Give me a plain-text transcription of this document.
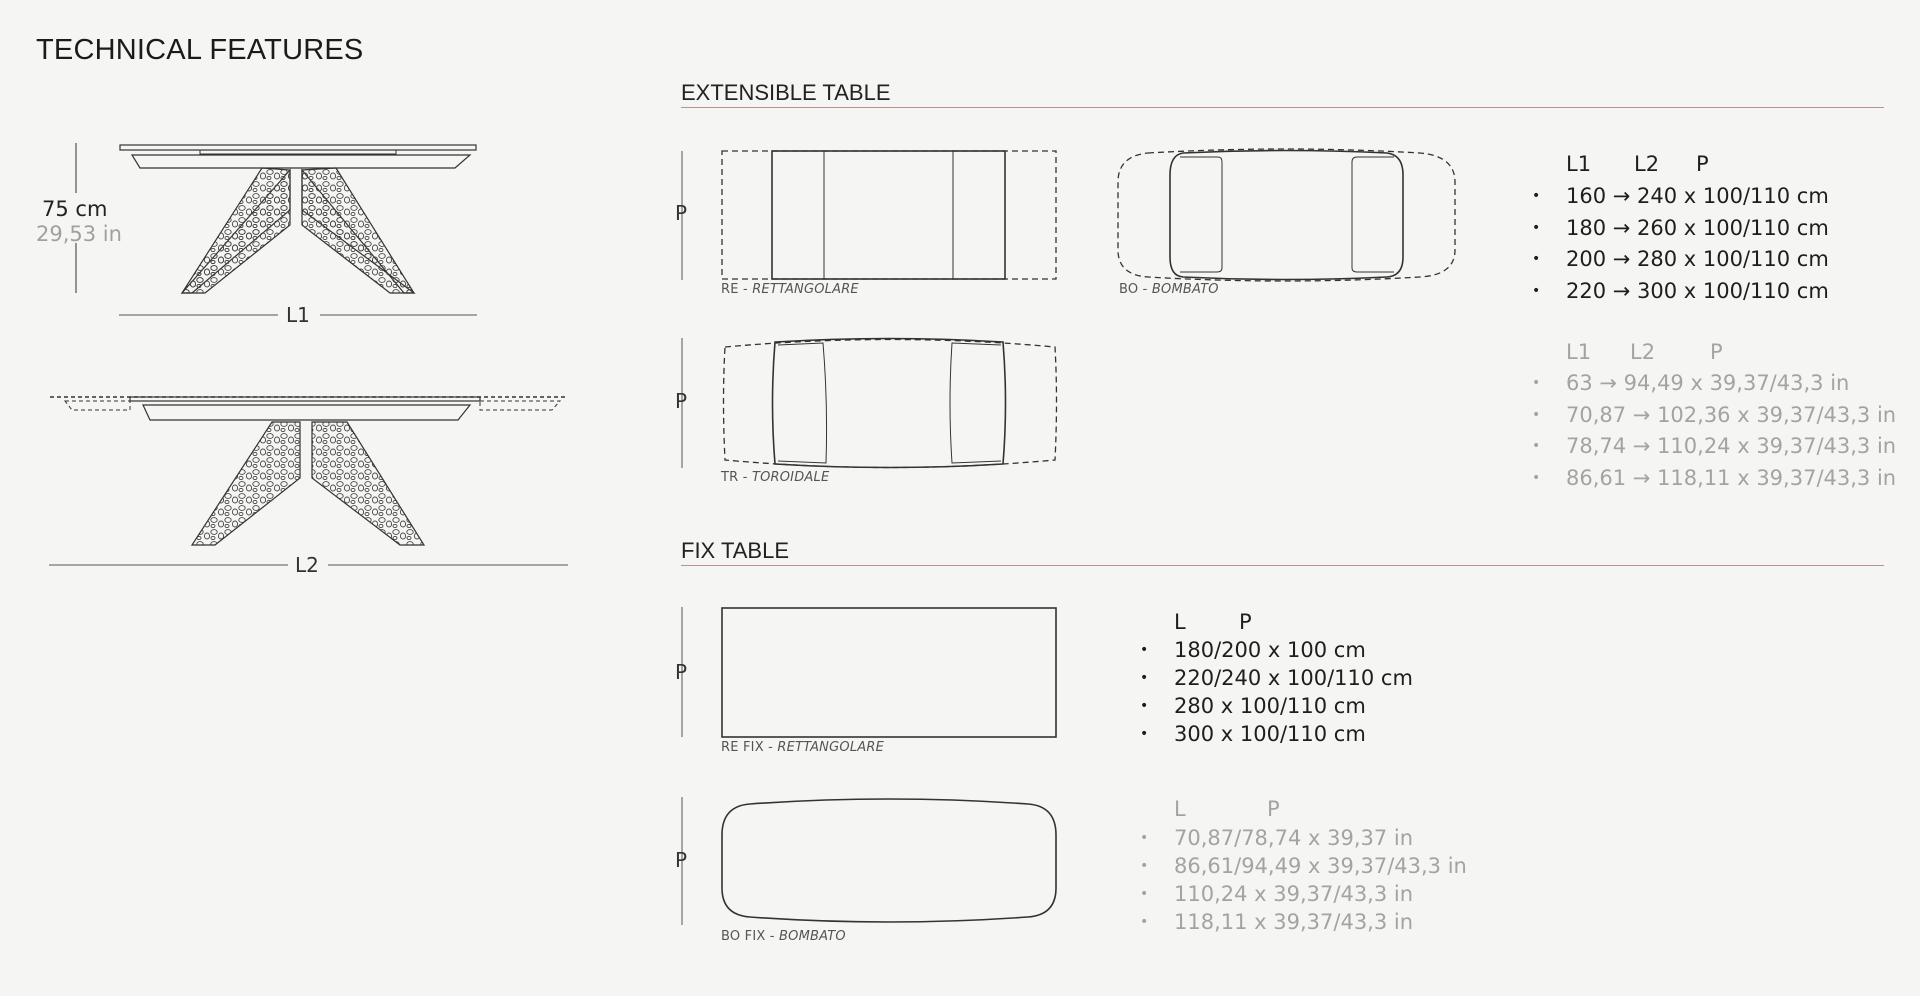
TECHNICAL FEATURES
75 cm
29,53 in
L1
L2
EXTENSIBLE TABLE
P
P
RE - RETTANGOLARE	BO - BOMBATO
TR - TOROIDALE
L1 L2 P
• 160 → 240 x 100/110 cm
• 180 → 260 x 100/110 cm
• 200 → 280 x 100/110 cm
• 220 → 300 x 100/110 cm
L1 L2	P
• 63 → 94,49 x 39,37/43,3 in
• 70,87 → 102,36 x 39,37/43,3 in
• 78,74 → 110,24 x 39,37/43,3 in
• 86,61 → 118,11 x 39,37/43,3 in
FIX TABLE
P
P
RE FIX - RETTANGOLARE
BO FIX - BOMBATO
L	P
• 180/200 x 100 cm
• 220/240 x 100/110 cm
• 280 x 100/110 cm
• 300 x 100/110 cm
L	P
• 70,87/78,74 x 39,37 in
• 86,61/94,49 x 39,37/43,3 in
• 110,24 x 39,37/43,3 in
• 118,11 x 39,37/43,3 in
